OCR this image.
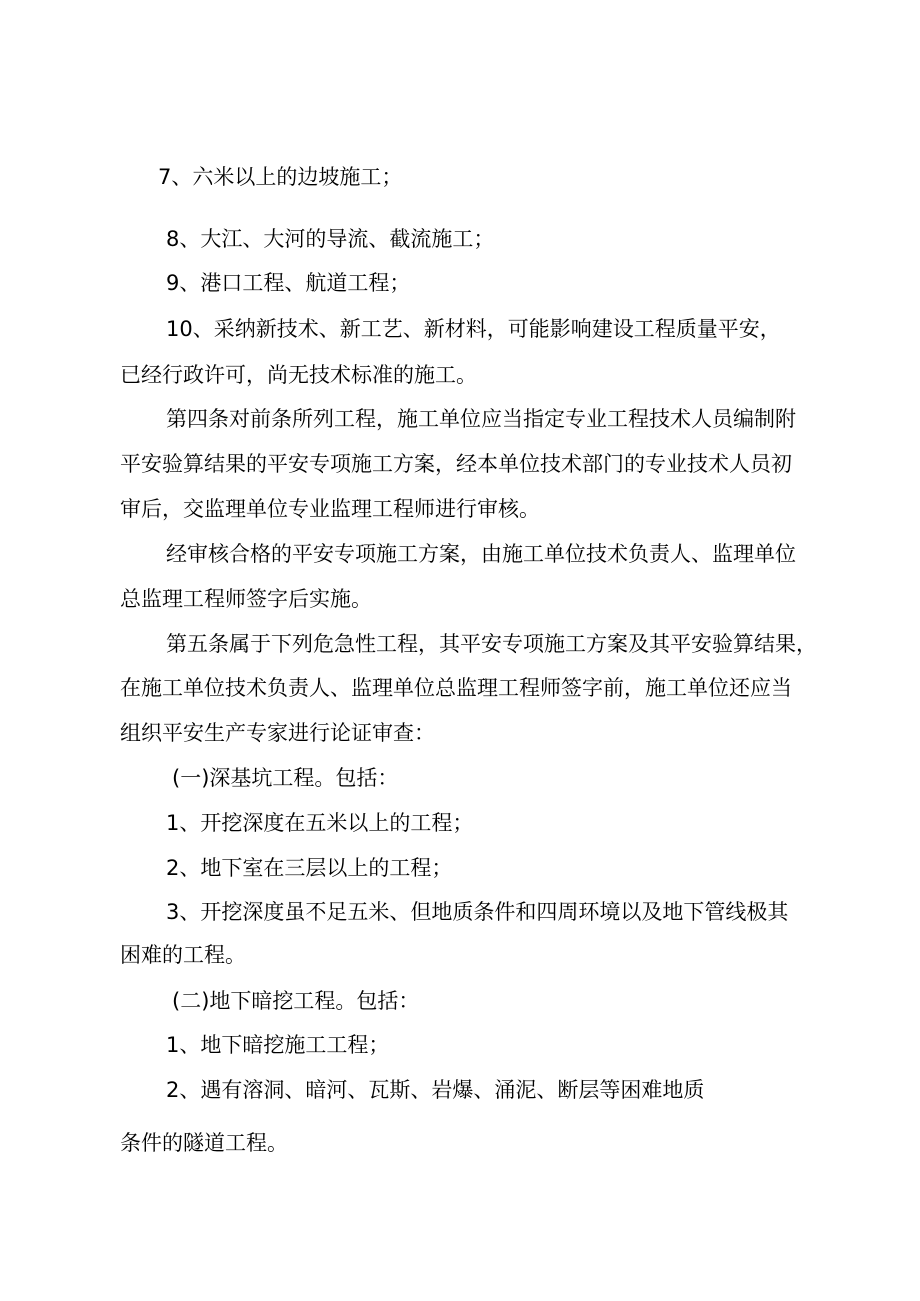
7、六米以上的边坡施工；
8、大江、大河的导流、截流施工；
9、港口工程、航道工程；
10、采纳新技术、新工艺、新材料，可能影响建设工程质量平安，
已经行政许可，尚无技术标准的施工。
第四条对前条所列工程，施工单位应当指定专业工程技术人员编制附
平安验算结果的平安专项施工方案，经本单位技术部门的专业技术人员初
审后，交监理单位专业监理工程师进行审核。
经审核合格的平安专项施工方案，由施工单位技术负责人、监理单位
总监理工程师签字后实施。
第五条属于下列危急性工程，其平安专项施工方案及其平安验算结果，
在施工单位技术负责人、监理单位总监理工程师签字前，施工单位还应当
组织平安生产专家进行论证审查：
(一)深基坑工程。包括：
1、开挖深度在五米以上的工程；
2、地下室在三层以上的工程；
3、开挖深度虽不足五米、但地质条件和四周环境以及地下管线极其
困难的工程。
(二)地下暗挖工程。包括：
1、地下暗挖施工工程；
2、遇有溶洞、暗河、瓦斯、岩爆、涌泥、断层等困难地质
条件的隧道工程。
